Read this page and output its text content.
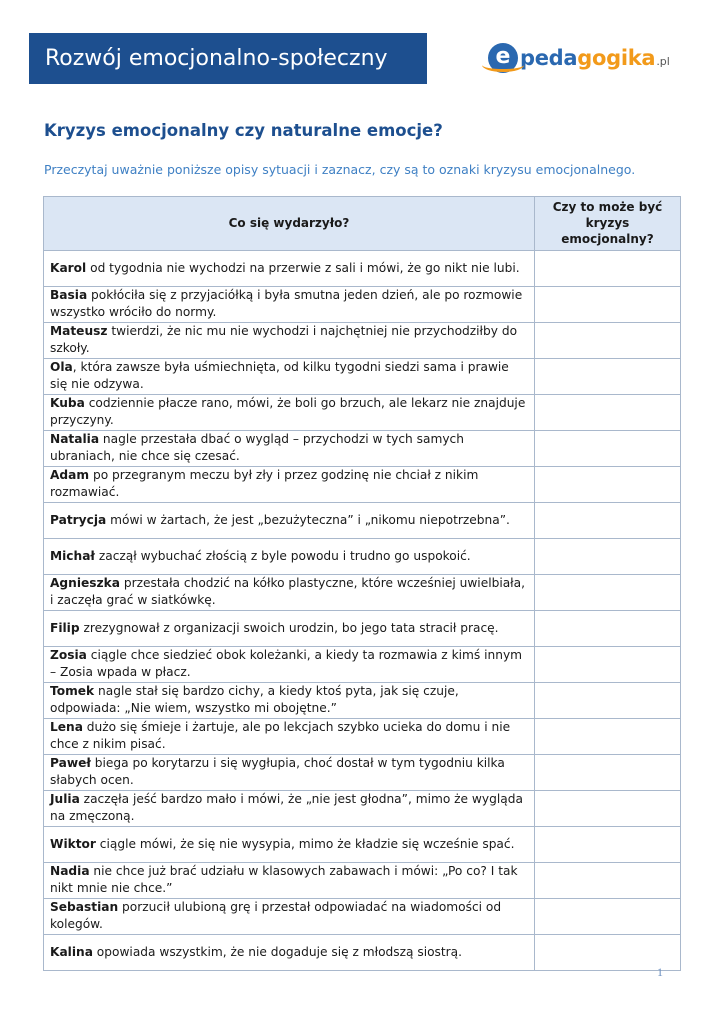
Rozwój emocjonalno-społeczny	e peda gogika .pl
Kryzys emocjonalny czy naturalne emocje?
Przeczytaj uważnie poniższe opisy sytuacji i zaznacz, czy są to oznaki kryzysu emocjonalnego.
Co się wydarzyło?	Czy to może być
kryzys emocjonalny?
Karol od tygodnia nie wychodzi na przerwie z sali i mówi, że go nikt nie lubi.	
Basia pokłóciła się z przyjaciółką i była smutna jeden dzień, ale po rozmowie wszystko wróciło do normy.	
Mateusz twierdzi, że nic mu nie wychodzi i najchętniej nie przychodziłby do szkoły.	
Ola, która zawsze była uśmiechnięta, od kilku tygodni siedzi sama i prawie się nie odzywa.	
Kuba codziennie płacze rano, mówi, że boli go brzuch, ale lekarz nie znajduje przyczyny.	
Natalia nagle przestała dbać o wygląd – przychodzi w tych samych ubraniach, nie chce się czesać.	
Adam po przegranym meczu był zły i przez godzinę nie chciał z nikim rozmawiać.	
Patrycja mówi w żartach, że jest „bezużyteczna” i „nikomu niepotrzebna”.	
Michał zaczął wybuchać złością z byle powodu i trudno go uspokoić.	
Agnieszka przestała chodzić na kółko plastyczne, które wcześniej uwielbiała, i zaczęła grać w siatkówkę.	
Filip zrezygnował z organizacji swoich urodzin, bo jego tata stracił pracę.	
Zosia ciągle chce siedzieć obok koleżanki, a kiedy ta rozmawia z kimś innym – Zosia wpada w płacz.	
Tomek nagle stał się bardzo cichy, a kiedy ktoś pyta, jak się czuje, odpowiada: „Nie wiem, wszystko mi obojętne.”	
Lena dużo się śmieje i żartuje, ale po lekcjach szybko ucieka do domu i nie chce z nikim pisać.	
Paweł biega po korytarzu i się wygłupia, choć dostał w tym tygodniu kilka słabych ocen.	
Julia zaczęła jeść bardzo mało i mówi, że „nie jest głodna”, mimo że wygląda na zmęczoną.	
Wiktor ciągle mówi, że się nie wysypia, mimo że kładzie się wcześnie spać.	
Nadia nie chce już brać udziału w klasowych zabawach i mówi: „Po co? I tak nikt mnie nie chce.”	
Sebastian porzucił ulubioną grę i przestał odpowiadać na wiadomości od kolegów.	
Kalina opowiada wszystkim, że nie dogaduje się z młodszą siostrą.	
1
